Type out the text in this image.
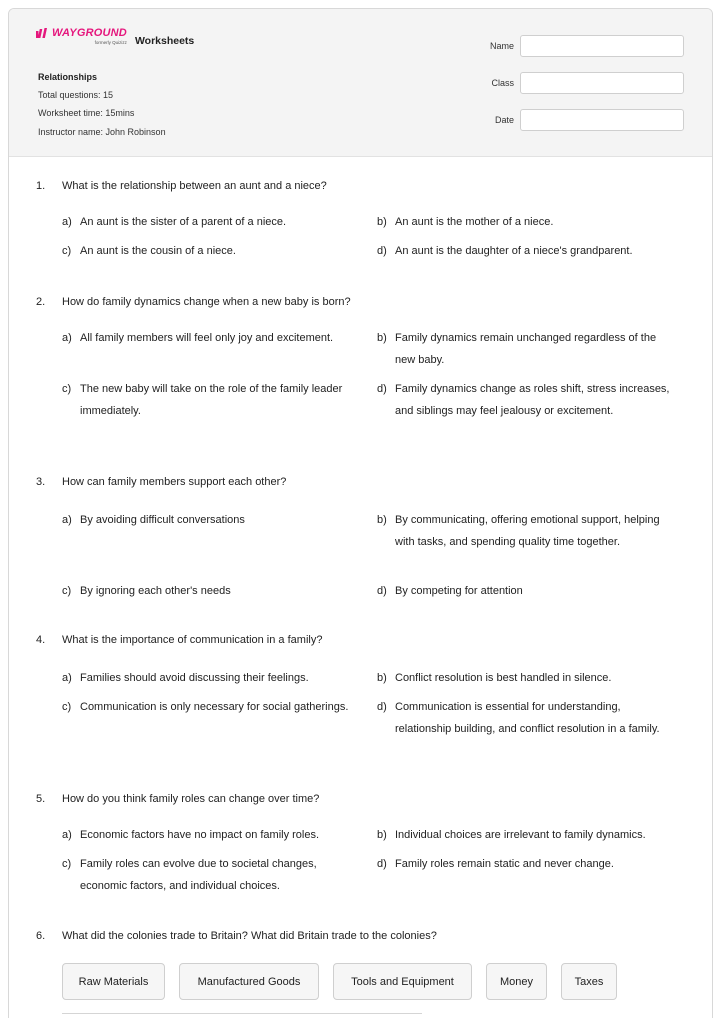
WAYGROUND
formerly Quizizz Worksheets
Relationships
Total questions: 15
Worksheet time: 15mins
Instructor name: John Robinson
Name
Class
Date
1. What is the relationship between an aunt and a niece?
a) An aunt is the sister of a parent of a niece.	b) An aunt is the mother of a niece.
c) An aunt is the cousin of a niece.	d) An aunt is the daughter of a niece's grandparent.
2. How do family dynamics change when a new baby is born?
a) All family members will feel only joy and excitement.	b) Family dynamics remain unchanged regardless of the new baby.
c) The new baby will take on the role of the family leader immediately.
d) Family dynamics change as roles shift, stress increases, and siblings may feel jealousy or excitement.
3. How can family members support each other?
a) By avoiding difficult conversations	b) By communicating, offering emotional support, helping with tasks, and spending quality time together.
c) By ignoring each other's needs	d) By competing for attention
4. What is the importance of communication in a family?
a) Families should avoid discussing their feelings.	b) Conflict resolution is best handled in silence.
c) Communication is only necessary for social gatherings.	d) Communication is essential for understanding, relationship building, and conflict resolution in a family.
5. How do you think family roles can change over time?
a) Economic factors have no impact on family roles.	b) Individual choices are irrelevant to family dynamics.
c) Family roles can evolve due to societal changes, economic factors, and individual choices.
d) Family roles remain static and never change.
6. What did the colonies trade to Britain? What did Britain trade to the colonies?
Raw Materials	Manufactured Goods	Tools and Equipment	Money	Taxes
